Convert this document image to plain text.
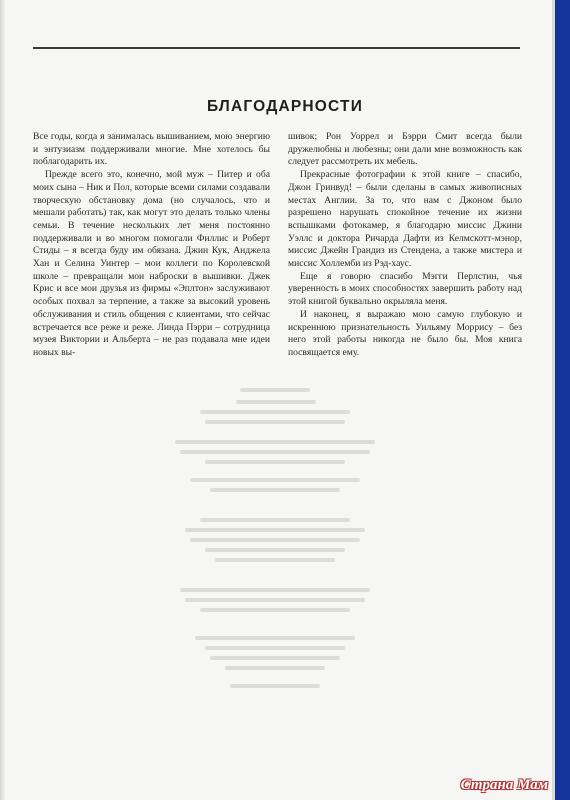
БЛАГОДАРНОСТИ

Все годы, когда я занималась вышиванием, мою энергию и энтузиазм поддерживали многие. Мне хотелось бы поблагодарить их.

Прежде всего это, конечно, мой муж – Питер и оба моих сына – Ник и Пол, которые всеми силами создавали творческую обстановку дома (но случалось, что и мешали работать) так, как могут это делать только члены семьи. В течение нескольких лет меня постоянно поддерживали и во многом помогали Филлис и Роберт Стиды – я всегда буду им обязана. Джин Кук, Анджела Хан и Селина Уинтер – мои коллеги по Королевской школе – превращали мои наброски в вышивки. Джек Крис и все мои друзья из фирмы «Эплтон» заслуживают особых похвал за терпение, а также за высокий уровень обслуживания и стиль общения с клиентами, что сейчас встречается все реже и реже. Линда Пэрри – сотрудница музея Виктории и Альберта – не раз подавала мне идеи новых вы-

шивок; Рон Уоррел и Бэрри Смит всегда были дружелюбны и любезны; они дали мне возможность как следует рассмотреть их мебель.

Прекрасные фотографии к этой книге – спасибо, Джон Гринвуд! – были сделаны в самых живописных местах Англии. За то, что нам с Джоном было разрешено нарушать спокойное течение их жизни вспышками фотокамер, я благодарю миссис Джини Уэллс и доктора Ричарда Дафти из Келмскотт-мэнор, миссис Джейн Грандиз из Стенденa, а также мистера и миссис Холлемби из Рэд-хаус.

Еще я говорю спасибо Мэгги Перлстин, чья уверенность в моих способностях завершить работу над этой книгой буквально окрыляла меня.

И наконец, я выражаю мою самую глубокую и искреннюю признательность Уильяму Моррису – без него этой работы никогда не было бы. Моя книга посвящается ему.

Страна Мам
